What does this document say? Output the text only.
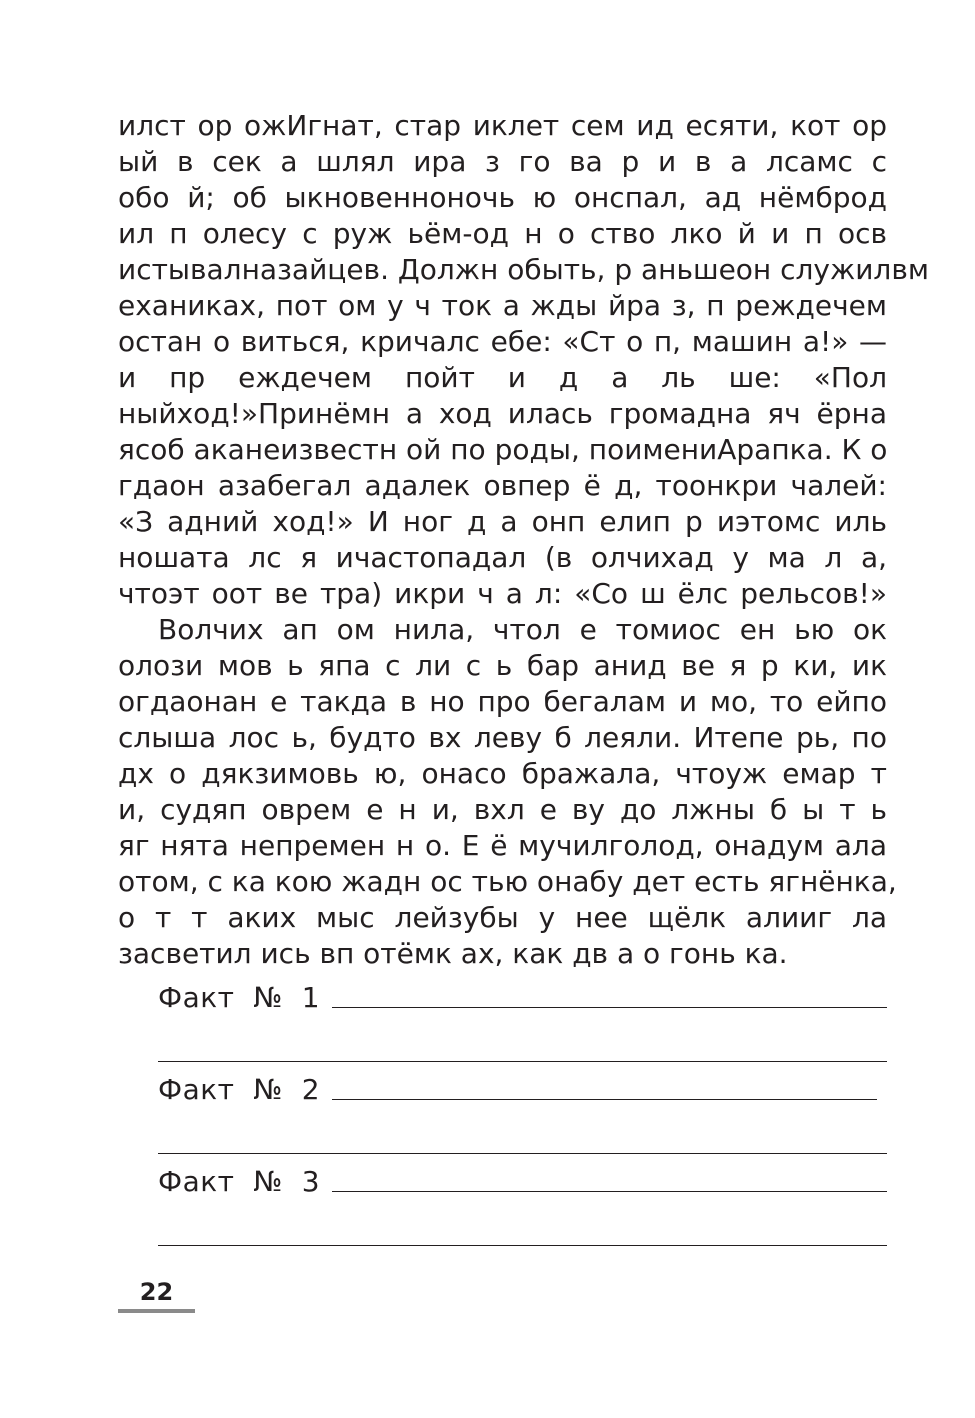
илст ор ожИгнат, стар иклет сем ид есяти, кот ор
ый в сек а шлял ира з го ва р и в а лсамс с
обо й; об ыкновенноночь ю онспал, ад нёмброд
ил п олесу с руж ьём-од н о ство лко й и п осв
истывалназайцев. Должн обыть, р аньшеон служилвм
еханиках, пот ом у ч ток а жды йра з, п реждечем
остан о виться, кричалс ебе: «Ст о п, машин а!» —
и пр еждечем пойт и д а ль ше: «Пол
ныйход!»Принёмн а ход илась громадна яч ёрна
ясоб аканеизвестн ой по роды, поимениАрапка. К о
гдаон азабегал адалек овпер ё д, тоонкри чалей:
«З адний ход!» И ног д а онп елип р иэтомс иль
ношата лс я ичастопадал (в олчихад у ма л а,
чтоэт оот ве тра) икри ч а л: «Со ш ёлс рельсов!»
Волчих ап ом нила, чтол е томиос ен ью ок
олози мов ь япа с ли с ь бар анид ве я р ки, ик
огдаонан е такда в но про бегалам и мо, то ейпо
слыша лос ь, будто вх леву б леяли. Итепе рь, по
дх о дякзимовь ю, онасо бражала, чтоуж емар т
и, судяп оврем е н и, вхл е ву до лжны б ы т ь
яг нята непремен н о. Е ё мучилголод, онадум ала
отом, с ка кою жадн ос тью онабу дет есть ягнёнка,
о т т аких мыс лейзубы у нее щёлк алииг ла
засветил ись вп отёмк ах, как дв а о гонь ка.
Факт  №  1
Факт  №  2
Факт  №  3
22
